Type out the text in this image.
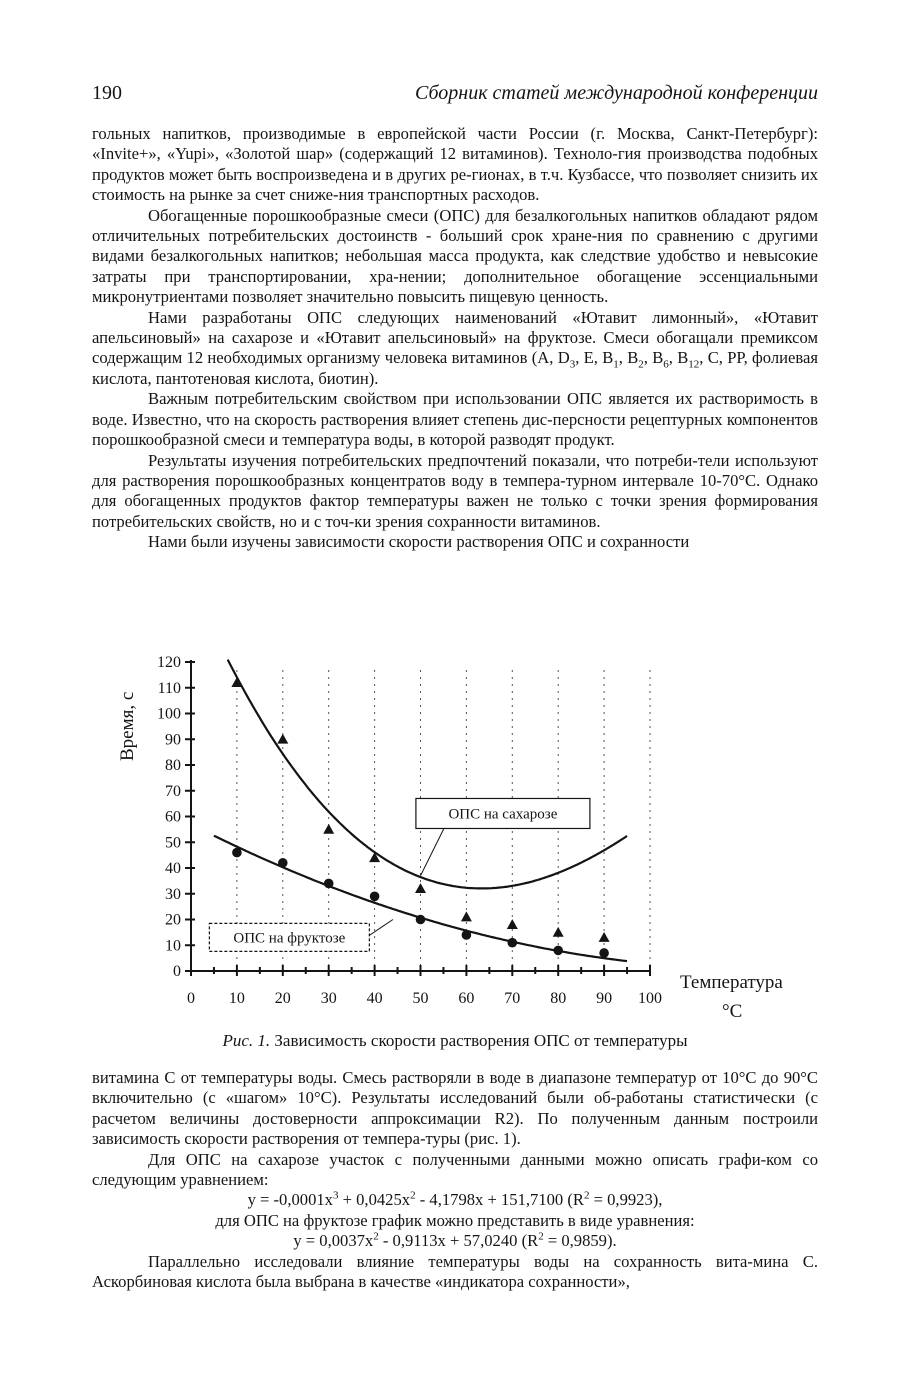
190	Сборник статей международной конференции

гольных напитков, производимые в европейской части России (г. Москва, Санкт-Петербург): «Invite+», «Yupi», «Золотой шар» (содержащий 12 витаминов). Техноло-гия производства подобных продуктов может быть воспроизведена и в других ре-гионах, в т.ч. Кузбассе, что позволяет снизить их стоимость на рынке за счет сниже-ния транспортных расходов.

Обогащенные порошкообразные смеси (ОПС) для безалкогольных напитков обладают рядом отличительных потребительских достоинств - больший срок хране-ния по сравнению с другими видами безалкогольных напитков; небольшая масса продукта, как следствие удобство и невысокие затраты при транспортировании, хра-нении; дополнительное обогащение эссенциальными микронутриентами позволяет значительно повысить пищевую ценность.

Нами разработаны ОПС следующих наименований «Ютавит лимонный», «Ютавит апельсиновый» на сахарозе и «Ютавит апельсиновый» на фруктозе. Смеси обогащали премиксом содержащим 12 необходимых организму человека витаминов (А, $D_3$, Е, $В_1$, $В_2$, $В_6$, $В_{12}$, С, РР, фолиевая кислота, пантотеновая кислота, биотин).

Важным потребительским свойством при использовании ОПС является их растворимость в воде. Известно, что на скорость растворения влияет степень дис-персности рецептурных компонентов порошкообразной смеси и температура воды, в которой разводят продукт.

Результаты изучения потребительских предпочтений показали, что потреби-тели используют для растворения порошкообразных концентратов воду в темпера-турном интервале 10-70°С. Однако для обогащенных продуктов фактор температуры важен не только с точки зрения формирования потребительских свойств, но и с точ-ки зрения сохранности витаминов.

Нами были изучены зависимости скорости растворения ОПС и сохранности

0
10
20
30
40
50
60
70
80
90
100
110
120
0 10 20 30 40 50 60 70 80 90 100
Время, с
Температура
°С
ОПС на сахарозе
ОПС на фруктозе
Рис. 1. Зависимость скорости растворения ОПС от температуры

витамина С от температуры воды. Смесь растворяли в воде в диапазоне температур от 10°С до 90°С включительно (с «шагом» 10°С). Результаты исследований были об-работаны статистически (с расчетом величины достоверности аппроксимации R2). По полученным данным построили зависимость скорости растворения от темпера-туры (рис. 1).

Для ОПС на сахарозе участок с полученными данными можно описать графи-ком со следующим уравнением:

$y = -0,0001x^3 + 0,0425x^2 - 4,1798x + 151,7100$ $(R^2 = 0,9923)$,

для ОПС на фруктозе график можно представить в виде уравнения:

$y = 0,0037x^2 - 0,9113x + 57,0240$ $(R^2 = 0,9859)$.

Параллельно исследовали влияние температуры воды на сохранность вита-мина С. Аскорбиновая кислота была выбрана в качестве «индикатора сохранности»,
